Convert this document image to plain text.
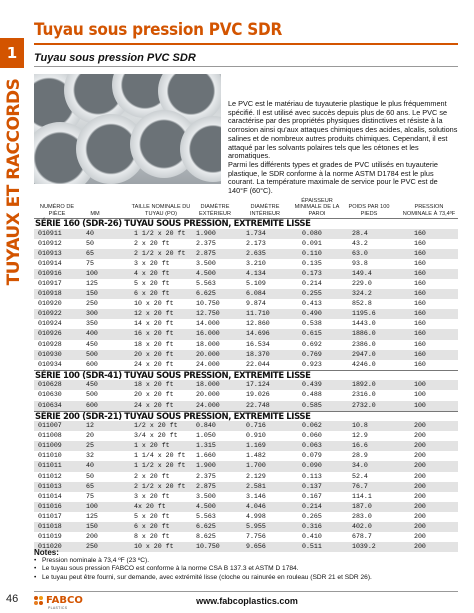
1
TUYAUX ET RACCORDS
Tuyau sous pression PVC SDR
Tuyau sous pression PVC SDR

Le PVC est le matériau de tuyauterie plastique le plus fréquemment spécifié. Il est utilisé avec succès depuis plus de 60 ans. Le PVC se caractérise par des propriétés physiques distinctives et résiste à la corrosion ainsi qu'aux attaques chimiques des acides, alcalis, solutions salines et de nombreux autres produits chimiques. Cependant, il est attaqué par les solvants polaires tels que les cétones et les aromatiques.

Parmi les différents types et grades de PVC utilisés en tuyauterie plastique, le SDR conforme à la norme ASTM D1784 est le plus courant. La température maximale de service pour le PVC est de 140°F (60°C).

NUMÉRO DE PIÈCE	MM
TAILLE NOMINALE DU TUYAU (PO)
DIAMÈTRE EXTÉRIEUR
DIAMÈTRE INTÉRIEUR
ÉPAISSEUR MINIMALE DE LA PAROI
POIDS PAR 100 PIEDS
PRESSION NOMINALE À 73,4ºF
SÉRIE 160 (SDR-26) TUYAU SOUS PRESSION, EXTREMITE LISSE
010911	40	1 1/2 x 20 ft 1.900	1.734	0.080	28.4	160
010912	50	2 x 20 ft	2.375	2.173	0.091	43.2	160
010913	65	2 1/2 x 20 ft 2.875	2.635	0.110	63.0	160
010914	75	3 x 20 ft	3.500	3.210	0.135	93.8	160
010916	100	4 x 20 ft	4.500	4.134	0.173	149.4	160
010917	125	5 x 20 ft	5.563	5.109	0.214	229.0	160
010918	150	6 x 20 ft	6.625	6.084	0.255	324.2	160
010920	250	10 x 20 ft	10.750	9.874	0.413	852.8	160
010922	300	12 x 20 ft	12.750	11.710	0.490	1195.6	160
010924	350	14 x 20 ft	14.000	12.860	0.538	1443.0	160
010926	400	16 x 20 ft	16.000	14.696	0.615	1886.0	160
010928	450	18 x 20 ft	18.000	16.534	0.692	2386.0	160
010930	500	20 x 20 ft	20.000	18.370	0.769	2947.0	160
010934	600	24 x 20 ft	24.000	22.044	0.923	4246.0	160
SÉRIE 100 (SDR-41) TUYAU SOUS PRESSION, EXTREMITE LISSE
010628	450	18 x 20 ft	18.000	17.124	0.439	1892.0	100
010630	500	20 x 20 ft	20.000	19.026	0.488	2316.0	100
010634	600	24 x 20 ft	24.000	22.748	0.585	2732.0	100
SÉRIE 200 (SDR-21) TUYAU SOUS PRESSION, EXTREMITE LISSE
011007	12	1/2 x 20 ft	0.840	0.716	0.062	10.8	200
011008	20	3/4 x 20 ft	1.050	0.910	0.060	12.9	200
011009	25	1 x 20 ft	1.315	1.169	0.063	16.6	200
011010	32	1 1/4 x 20 ft 1.660	1.482	0.079	28.9	200
011011	40	1 1/2 x 20 ft 1.900	1.700	0.090	34.0	200
011012	50	2 x 20 ft	2.375	2.129	0.113	52.4	200
011013	65	2 1/2 x 20 ft 2.875	2.581	0.137	76.7	200
011014	75	3 x 20 ft	3.500	3.146	0.167	114.1	200
011016	100	4x 20 ft	4.500	4.046	0.214	187.0	200
011017	125	5 x 20 ft	5.563	4.998	0.265	283.0	200
011018	150	6 x 20 ft	6.625	5.955	0.316	402.0	200
011019	200	8 x 20 ft	8.625	7.756	0.410	678.7	200
011020	250	10 x 20 ft	10.750	9.656	0.511	1039.2	200
Notes:
• Pression nominale à 73,4 ºF (23 ºC).
• Le tuyau sous pression FABCO est conforme à la norme CSA B 137.3 et ASTM D 1784.
• Le tuyau peut être fourni, sur demande, avec extrémité lisse (cloche ou rainurée en rouleau (SDR 21 et SDR 26).
46	FABCO
PLASTICS
www.fabcoplastics.com
